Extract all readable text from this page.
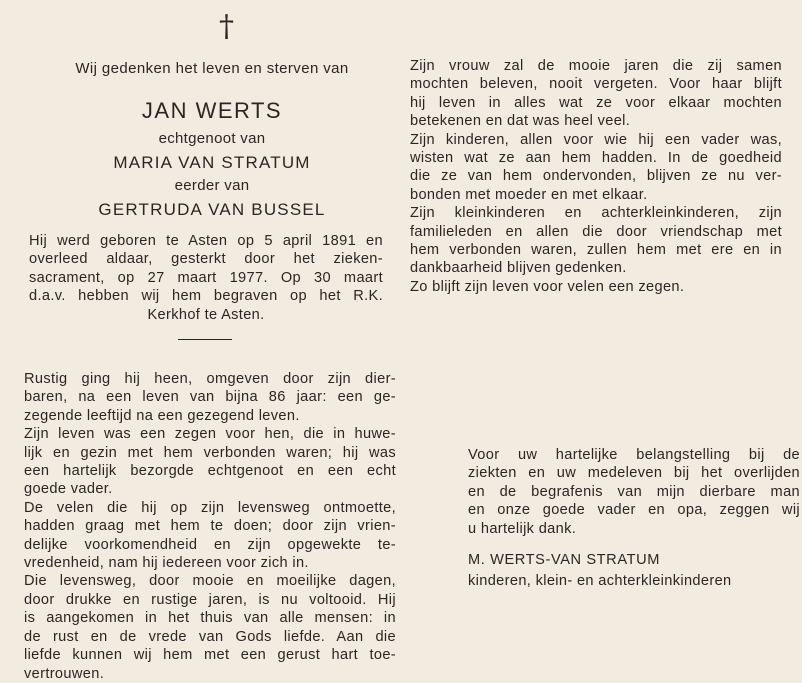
†
Wij gedenken het leven en sterven van
JAN WERTS
echtgenoot van
MARIA VAN STRATUM
eerder van
GERTRUDA VAN BUSSEL
Hij werd geboren te Asten op 5 april 1891 en
overleed aldaar, gesterkt door het zieken-
sacrament, op 27 maart 1977. Op 30 maart
d.a.v. hebben wij hem begraven op het R.K.
Kerkhof te Asten.
Rustig ging hij heen, omgeven door zijn dier-
baren, na een leven van bijna 86 jaar: een ge-
zegende leeftijd na een gezegend leven.
Zijn leven was een zegen voor hen, die in huwe-
lijk en gezin met hem verbonden waren; hij was
een hartelijk bezorgde echtgenoot en een echt
goede vader.
De velen die hij op zijn levensweg ontmoette,
hadden graag met hem te doen; door zijn vrien-
delijke voorkomendheid en zijn opgewekte te-
vredenheid, nam hij iedereen voor zich in.
Die levensweg, door mooie en moeilijke dagen,
door drukke en rustige jaren, is nu voltooid. Hij
is aangekomen in het thuis van alle mensen: in
de rust en de vrede van Gods liefde. Aan die
liefde kunnen wij hem met een gerust hart toe-
vertrouwen.
Zijn vrouw zal de mooie jaren die zij samen
mochten beleven, nooit vergeten. Voor haar blijft
hij leven in alles wat ze voor elkaar mochten
betekenen en dat was heel veel.
Zijn kinderen, allen voor wie hij een vader was,
wisten wat ze aan hem hadden. In de goedheid
die ze van hem ondervonden, blijven ze nu ver-
bonden met moeder en met elkaar.
Zijn kleinkinderen en achterkleinkinderen, zijn
familieleden en allen die door vriendschap met
hem verbonden waren, zullen hem met ere en in
dankbaarheid blijven gedenken.
Zo blijft zijn leven voor velen een zegen.
Voor uw hartelijke belangstelling bij de
ziekten en uw medeleven bij het overlijden
en de begrafenis van mijn dierbare man
en onze goede vader en opa, zeggen wij
u hartelijk dank.
M. WERTS-VAN STRATUM
kinderen, klein- en achterkleinkinderen
